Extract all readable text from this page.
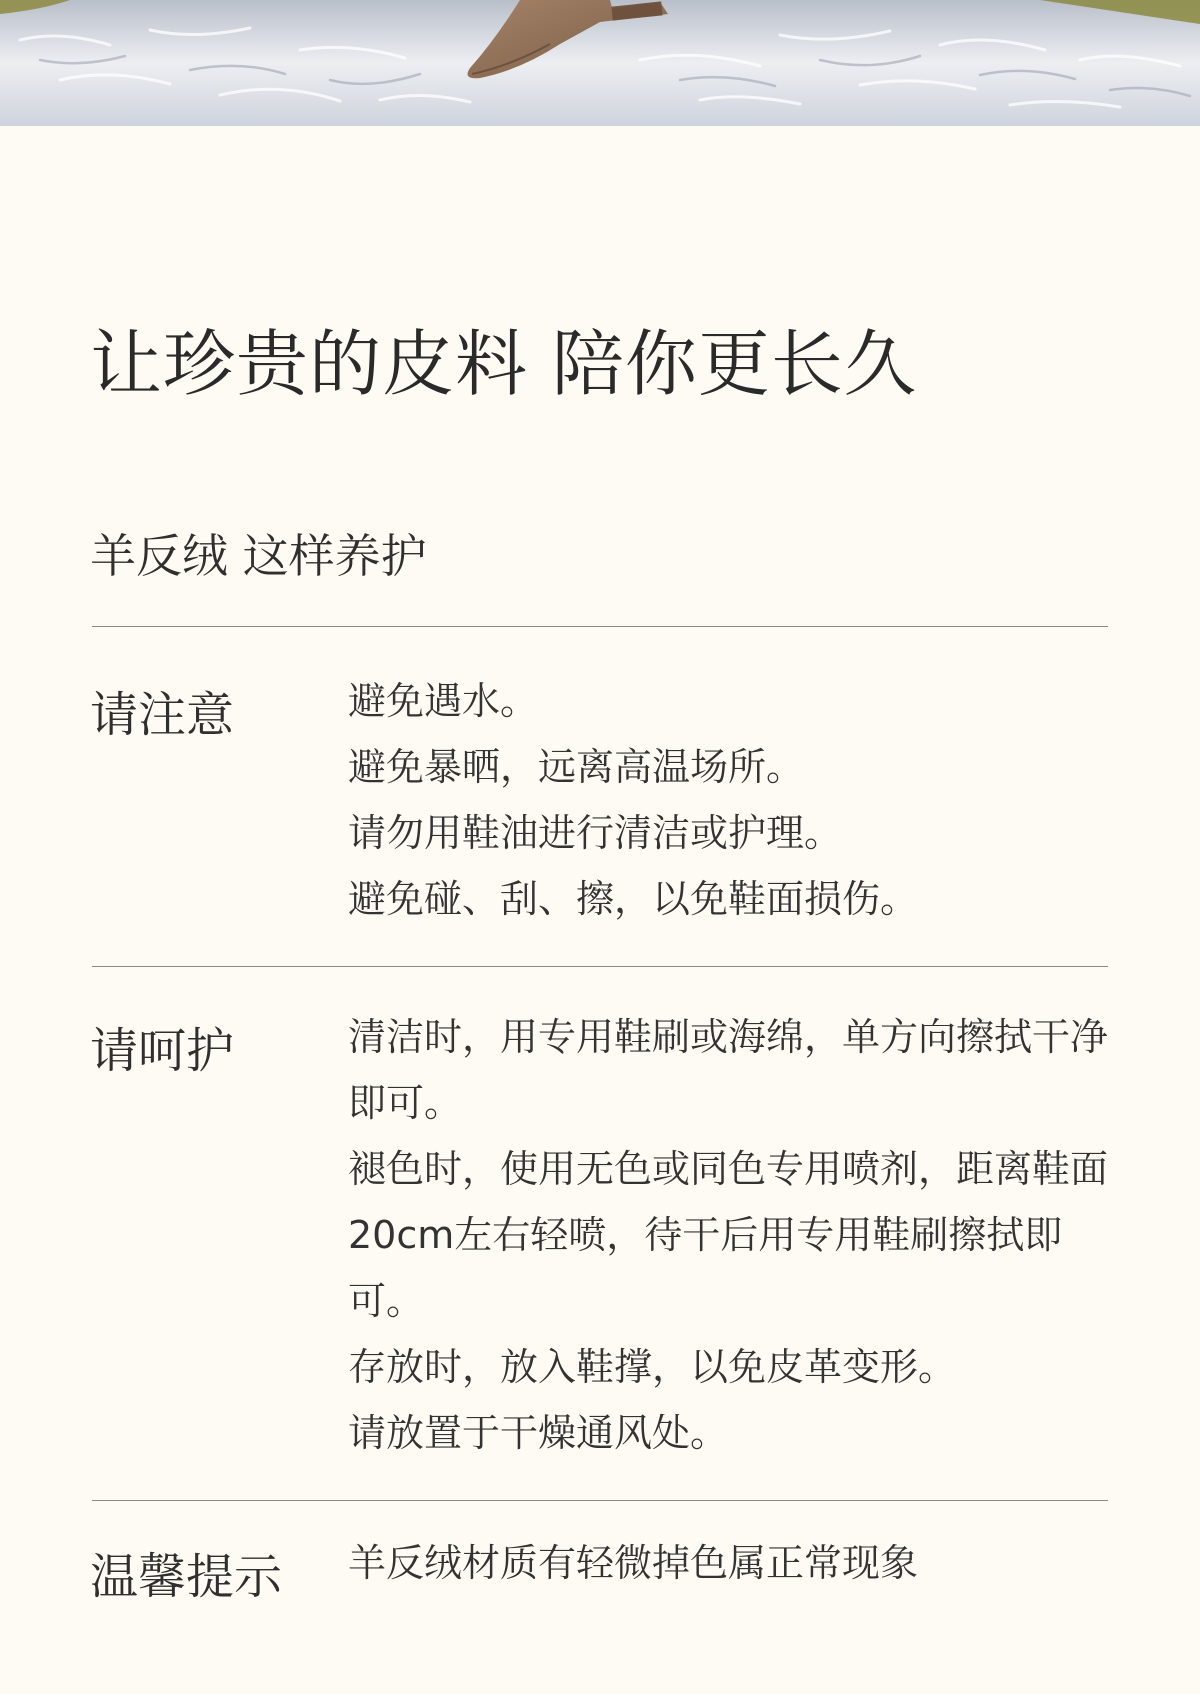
让珍贵的皮料 陪你更长久
羊反绒 这样养护
请注意	避免遇水。
避免暴晒，远离高温场所。
请勿用鞋油进行清洁或护理。
避免碰、刮、擦，以免鞋面损伤。
请呵护	清洁时，用专用鞋刷或海绵，单方向擦拭干净即可。
褪色时，使用无色或同色专用喷剂，距离鞋面20cm左右轻喷，待干后用专用鞋刷擦拭即可。
存放时，放入鞋撑，以免皮革变形。
请放置于干燥通风处。
温馨提示 羊反绒材质有轻微掉色属正常现象
